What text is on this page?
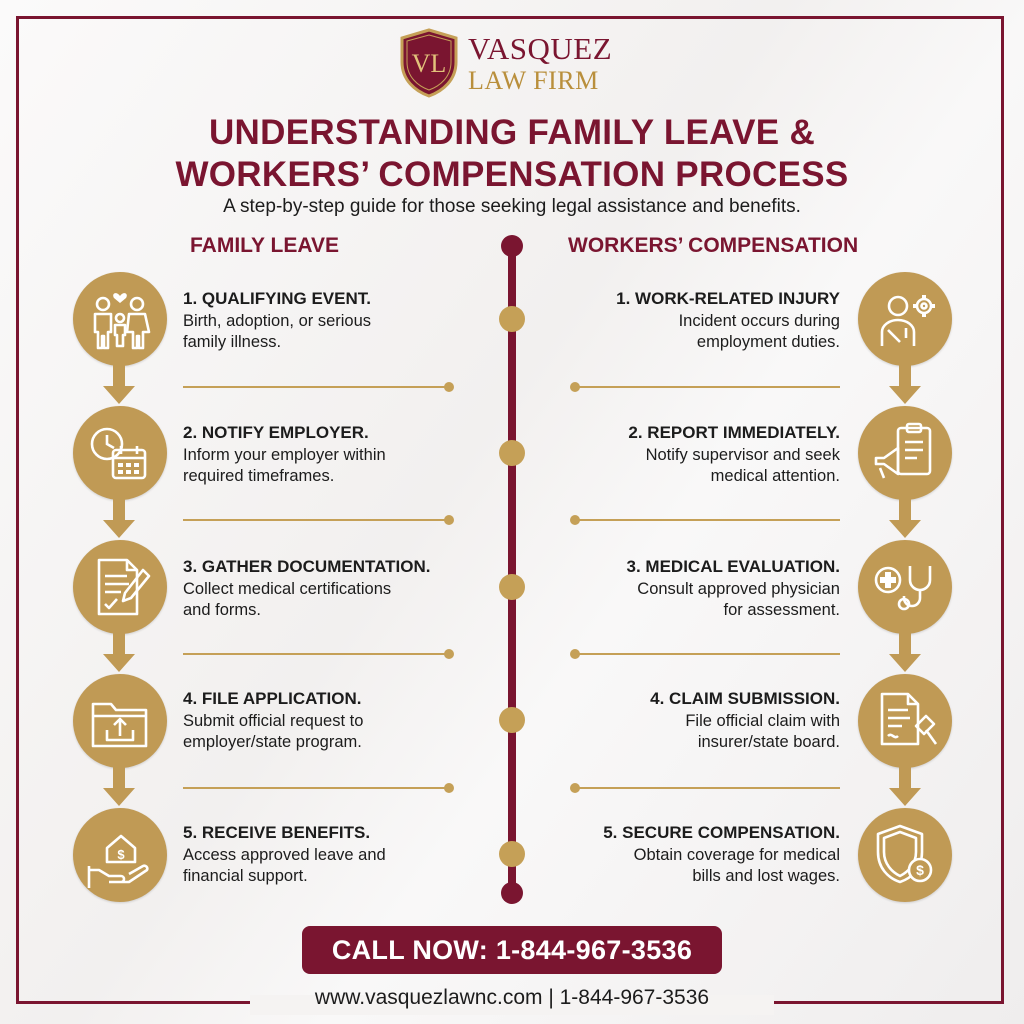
VL VASQUEZ
LAW FIRM
UNDERSTANDING FAMILY LEAVE &
WORKERS’ COMPENSATION PROCESS
A step-by-step guide for those seeking legal assistance and benefits.
FAMILY LEAVE	WORKERS’ COMPENSATION
$
$
1. QUALIFYING EVENT.
Birth, adoption, or serious
family illness.
2. NOTIFY EMPLOYER.
Inform your employer within
required timeframes.
3. GATHER DOCUMENTATION.
Collect medical certifications
and forms.
4. FILE APPLICATION.
Submit official request to
employer/state program.
5. RECEIVE BENEFITS.
Access approved leave and
financial support.
1. WORK-RELATED INJURY
Incident occurs during
employment duties.
2. REPORT IMMEDIATELY.
Notify supervisor and seek
medical attention.
3. MEDICAL EVALUATION.
Consult approved physician
for assessment.
4. CLAIM SUBMISSION.
File official claim with
insurer/state board.
5. SECURE COMPENSATION.
Obtain coverage for medical
bills and lost wages.
CALL NOW: 1-844-967-3536
www.vasquezlawnc.com | 1-844-967-3536
